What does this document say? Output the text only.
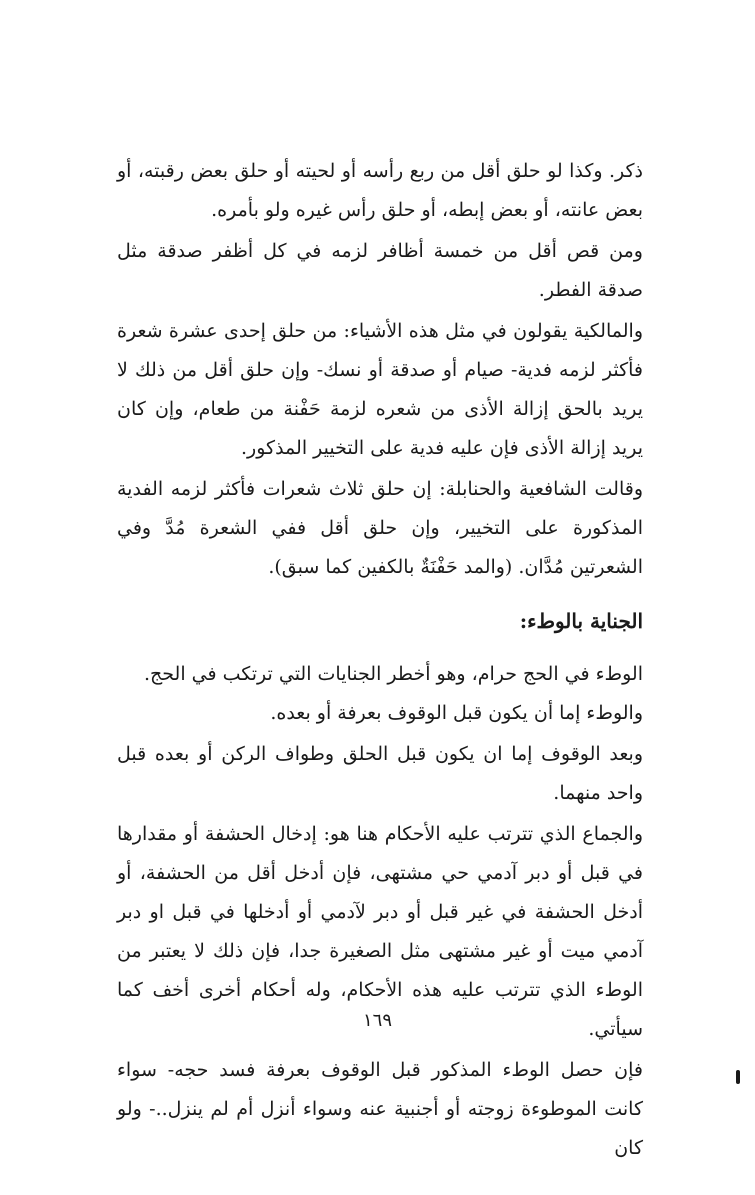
ذكر. وكذا لو حلق أقل من ربع رأسه أو لحيته أو حلق بعض رقبته، أو بعض عانته، أو بعض إبطه، أو حلق رأس غيره ولو بأمره.

ومن قص أقل من خمسة أظافر لزمه في كل أظفر صدقة مثل صدقة الفطر.

والمالكية يقولون في مثل هذه الأشياء: من حلق إحدى عشرة شعرة فأكثر لزمه فدية- صيام أو صدقة أو نسك- وإن حلق أقل من ذلك لا يريد بالحق إزالة الأذى من شعره لزمة حَفْنة من طعام، وإن كان يريد إزالة الأذى فإن عليه فدية على التخيير المذكور.

وقالت الشافعية والحنابلة: إن حلق ثلاث شعرات فأكثر لزمه الفدية المذكورة على التخيير، وإن حلق أقل ففي الشعرة مُدَّ وفي الشعرتين مُدَّان. (والمد حَفْنَةٌ بالكفين كما سبق).

الجناية بالوطء:

الوطء في الحج حرام، وهو أخطر الجنايات التي ترتكب في الحج.

والوطء إما أن يكون قبل الوقوف بعرفة أو بعده.

وبعد الوقوف إما ان يكون قبل الحلق وطواف الركن أو بعده قبل واحد منهما.

والجماع الذي تترتب عليه الأحكام هنا هو: إدخال الحشفة أو مقدارها في قبل أو دبر آدمي حي مشتهى، فإن أدخل أقل من الحشفة، أو أدخل الحشفة في غير قبل أو دبر لآدمي أو أدخلها في قبل او دبر آدمي ميت أو غير مشتهى مثل الصغيرة جدا، فإن ذلك لا يعتبر من الوطء الذي تترتب عليه هذه الأحكام، وله أحكام أخرى أخف كما سيأتي.

فإن حصل الوطء المذكور قبل الوقوف بعرفة فسد حجه- سواء كانت الموطوءة زوجته أو أجنبية عنه وسواء أنزل أم لم ينزل..- ولو كان

١٦٩
